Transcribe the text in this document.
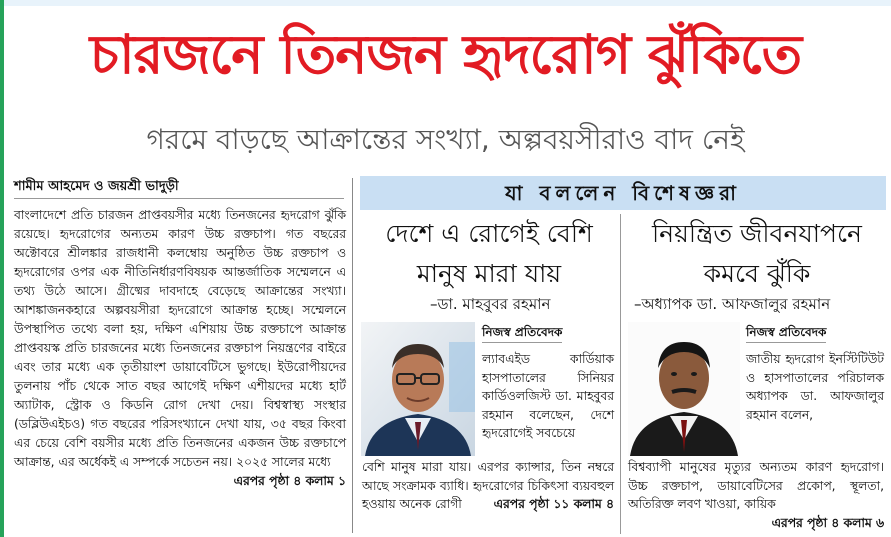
চারজনে তিনজন হৃদরোগ ঝুঁকিতে
গরমে বাড়ছে আক্রান্তের সংখ্যা, অল্পবয়সীরাও বাদ নেই
শামীম আহমেদ ও জয়শ্রী ভাদুড়ী

বাংলাদেশে প্রতি চারজন প্রাপ্তবয়সীর মধ্যে তিনজনের হৃদরোগ ঝুঁকি রয়েছে। হৃদরোগের অন্যতম কারণ উচ্চ রক্তচাপ। গত বছরের অক্টোবরে শ্রীলঙ্কার রাজধানী কলম্বোয় অনুষ্ঠিত উচ্চ রক্তচাপ ও হৃদরোগের ওপর এক নীতিনির্ধারণবিষয়ক আন্তর্জাতিক সম্মেলনে এ তথ্য উঠে আসে। গ্রীষ্মের দাবদাহে বেড়েছে আক্রান্তের সংখ্যা। আশঙ্কাজনকহারে অল্পবয়সীরা হৃদরোগে আক্রান্ত হচ্ছে। সম্মেলনে উপস্থাপিত তথ্যে বলা হয়, দক্ষিণ এশিয়ায় উচ্চ রক্তচাপে আক্রান্ত প্রাপ্তবয়স্ক প্রতি চারজনের মধ্যে তিনজনের রক্তচাপ নিয়ন্ত্রণের বাইরে এবং তার মধ্যে এক তৃতীয়াংশ ডায়াবেটিসে ভুগছে। ইউরোপীয়দের তুলনায় পাঁচ থেকে সাত বছর আগেই দক্ষিণ এশীয়দের মধ্যে হার্ট অ্যাটাক, স্ট্রোক ও কিডনি রোগ দেখা দেয়। বিশ্বস্বাস্থ্য সংস্থার (ডব্লিউএইচও) গত বছরের পরিসংখ্যানে দেখা যায়, ৩৫ বছর কিংবা এর চেয়ে বেশি বয়সীর মধ্যে প্রতি তিনজনের একজন উচ্চ রক্তচাপে আক্রান্ত, এর অর্ধেকই এ সম্পর্কে সচেতন নয়। ২০২৫ সালের মধ্যে
এরপর পৃষ্ঠা ৪ কলাম ১

যা বললেন বিশেষজ্ঞরা
দেশে এ রোগেই বেশি
মানুষ মারা যায়
–ডা. মাহবুবর রহমান
নিজস্ব প্রতিবেদক

ল্যাবএইড কার্ডিয়াক হাসপাতালের সিনিয়র কার্ডিওলজিস্ট ডা. মাহবুবর রহমান বলেছেন, দেশে হৃদরোগেই সবচেয়ে

বেশি মানুষ মারা যায়। এরপর ক্যান্সার, তিন নম্বরে আছে সংক্রামক ব্যাধি। হৃদরোগের চিকিৎসা ব্যয়বহুল হওয়ায় অনেক রোগী	এরপর পৃষ্ঠা ১১ কলাম ৪

নিয়ন্ত্রিত জীবনযাপনে
কমবে ঝুঁকি
–অধ্যাপক ডা. আফজালুর রহমান
নিজস্ব প্রতিবেদক

জাতীয় হৃদরোগ ইনস্টিটিউট ও হাসপাতালের পরিচালক অধ্যাপক ডা. আফজালুর রহমান বলেন,

বিশ্বব্যাপী মানুষের মৃত্যুর অন্যতম কারণ হৃদরোগ। উচ্চ রক্তচাপ, ডায়াবেটিসের প্রকোপ, স্থূলতা, অতিরিক্ত লবণ খাওয়া, কায়িক
এরপর পৃষ্ঠা ৪ কলাম ৬
